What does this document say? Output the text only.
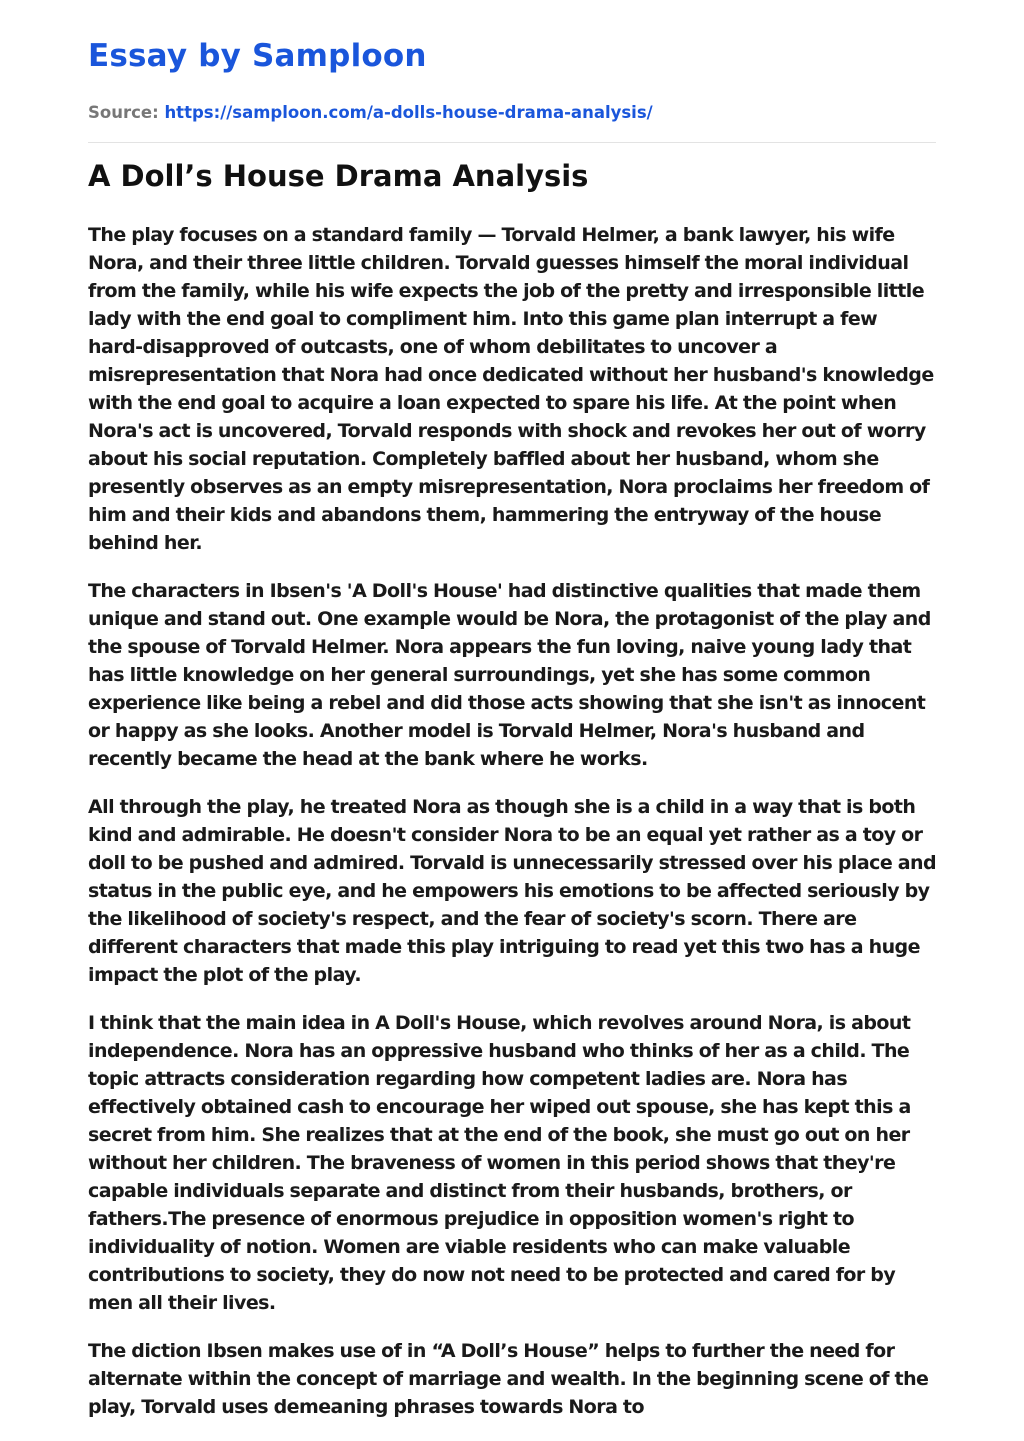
Essay by Samploon
Source: https://samploon.com/a-dolls-house-drama-analysis/
A Doll’s House Drama Analysis

The play focuses on a standard family — Torvald Helmer, a bank lawyer, his wife Nora, and their three little children. Torvald guesses himself the moral individual from the family, while his wife expects the job of the pretty and irresponsible little lady with the end goal to compliment him. Into this game plan interrupt a few hard-disapproved of outcasts, one of whom debilitates to uncover a misrepresentation that Nora had once dedicated without her husband's knowledge with the end goal to acquire a loan expected to spare his life. At the point when Nora's act is uncovered, Torvald responds with shock and revokes her out of worry about his social reputation. Completely baffled about her husband, whom she presently observes as an empty misrepresentation, Nora proclaims her freedom of him and their kids and abandons them, hammering the entryway of the house behind her.

The characters in Ibsen's 'A Doll's House' had distinctive qualities that made them unique and stand out. One example would be Nora, the protagonist of the play and the spouse of Torvald Helmer. Nora appears the fun loving, naive young lady that has little knowledge on her general surroundings, yet she has some common experience like being a rebel and did those acts showing that she isn't as innocent or happy as she looks. Another model is Torvald Helmer, Nora's husband and recently became the head at the bank where he works.

All through the play, he treated Nora as though she is a child in a way that is both kind and admirable. He doesn't consider Nora to be an equal yet rather as a toy or doll to be pushed and admired. Torvald is unnecessarily stressed over his place and status in the public eye, and he empowers his emotions to be affected seriously by the likelihood of society's respect, and the fear of society's scorn. There are different characters that made this play intriguing to read yet this two has a huge impact the plot of the play.

I think that the main idea in A Doll's House, which revolves around Nora, is about independence. Nora has an oppressive husband who thinks of her as a child. The topic attracts consideration regarding how competent ladies are. Nora has effectively obtained cash to encourage her wiped out spouse, she has kept this a secret from him. She realizes that at the end of the book, she must go out on her without her children. The braveness of women in this period shows that they're capable individuals separate and distinct from their husbands, brothers, or fathers.The presence of enormous prejudice in opposition women's right to individuality of notion. Women are viable residents who can make valuable contributions to society, they do now not need to be protected and cared for by men all their lives.

The diction Ibsen makes use of in “A Doll’s House” helps to further the need for alternate within the concept of marriage and wealth. In the beginning scene of the play, Torvald uses demeaning phrases towards Nora to
